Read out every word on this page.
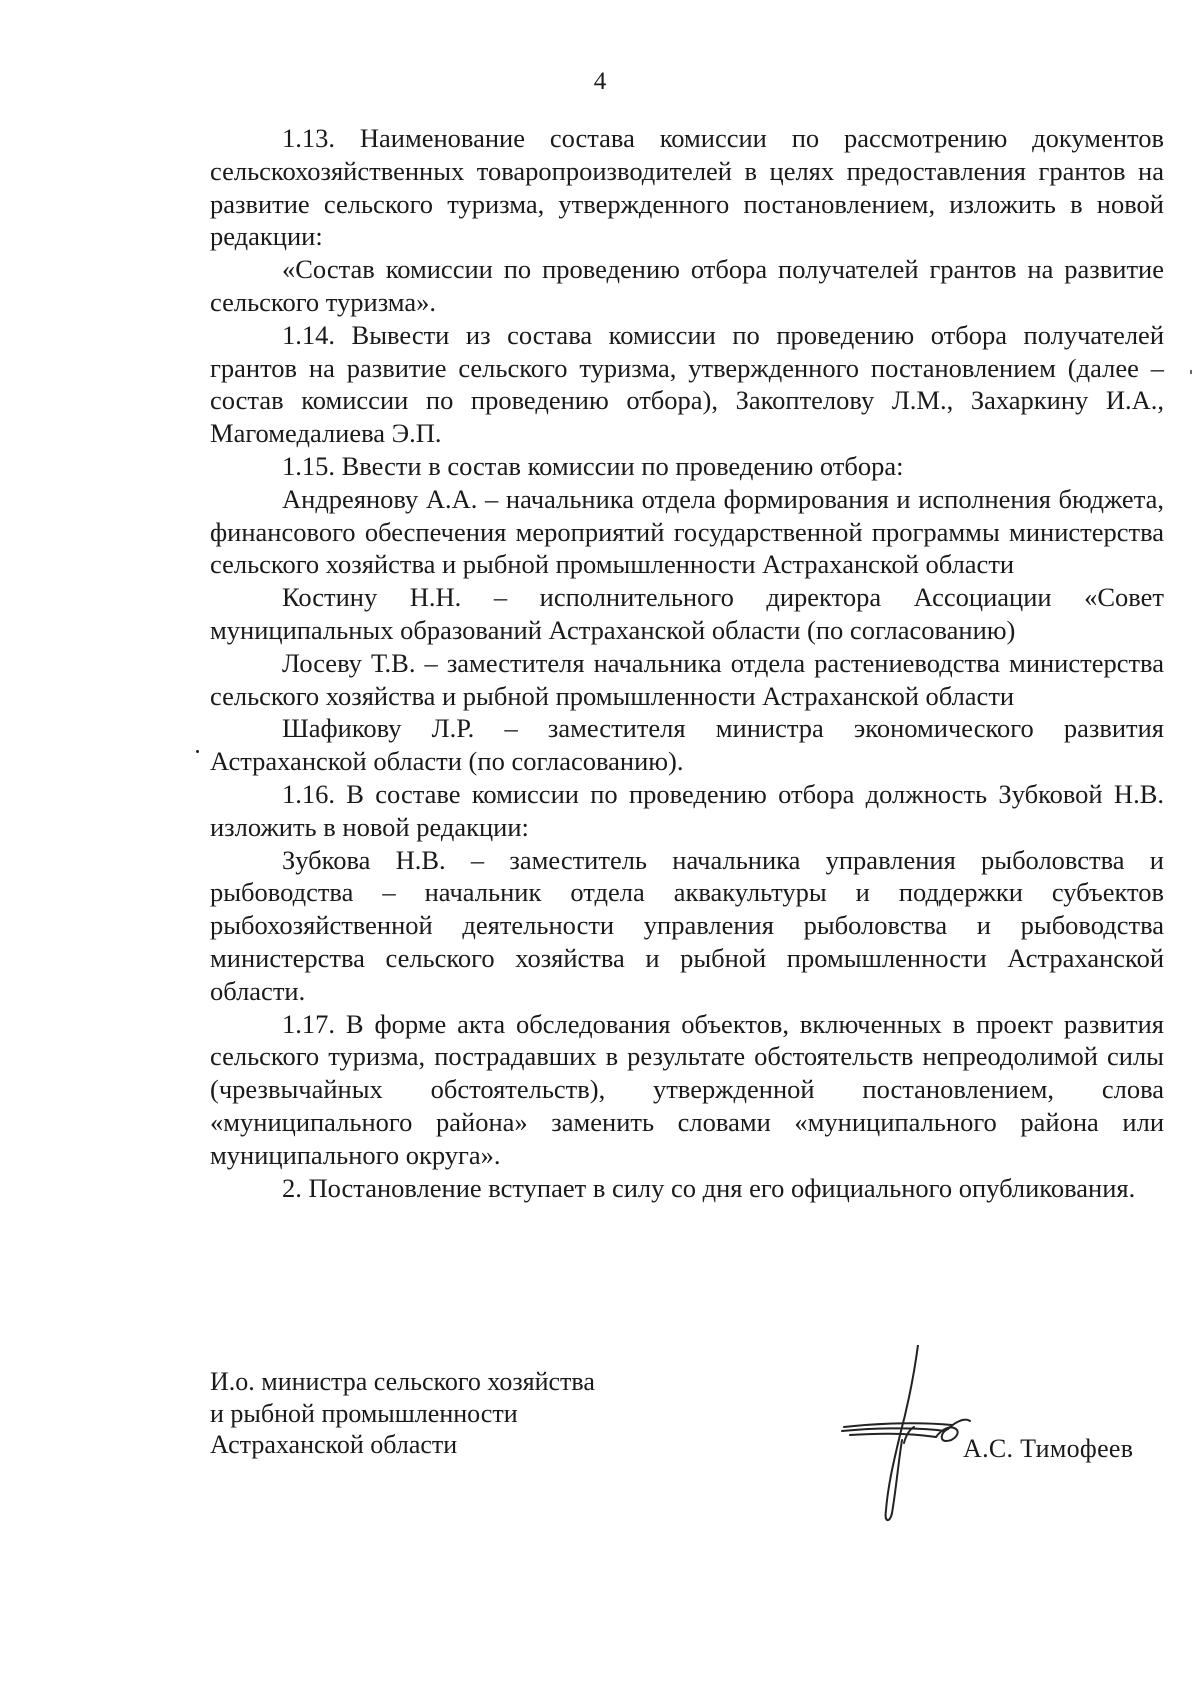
4

1.13. Наименование состава комиссии по рассмотрению документов сельскохозяйственных товаропроизводителей в целях предоставления грантов на развитие сельского туризма, утвержденного постановлением, изложить в новой редакции:

«Состав комиссии по проведению отбора получателей грантов на развитие сельского туризма».

1.14. Вывести из состава комиссии по проведению отбора получателей грантов на развитие сельского туризма, утвержденного постановлением (далее – состав комиссии по проведению отбора), Закоптелову Л.М., Захаркину И.А., Магомедалиева Э.П.

1.15. Ввести в состав комиссии по проведению отбора:

Андреянову А.А. – начальника отдела формирования и исполнения бюджета, финансового обеспечения мероприятий государственной программы министерства сельского хозяйства и рыбной промышленности Астраханской области

Костину Н.Н. – исполнительного директора Ассоциации «Совет муниципальных образований Астраханской области (по согласованию)

Лосеву Т.В. – заместителя начальника отдела растениеводства министерства сельского хозяйства и рыбной промышленности Астраханской области

Шафикову Л.Р. – заместителя министра экономического развития Астраханской области (по согласованию).

1.16. В составе комиссии по проведению отбора должность Зубковой Н.В. изложить в новой редакции:

Зубкова Н.В. – заместитель начальника управления рыболовства и рыбоводства – начальник отдела аквакультуры и поддержки субъектов рыбохозяйственной деятельности управления рыболовства и рыбоводства министерства сельского хозяйства и рыбной промышленности Астраханской области.

1.17. В форме акта обследования объектов, включенных в проект развития сельского туризма, пострадавших в результате обстоятельств непреодолимой силы (чрезвычайных обстоятельств), утвержденной постановлением, слова «муниципального района» заменить словами «муниципального района или муниципального округа».

2. Постановление вступает в силу со дня его официального опубликования.

И.о. министра сельского хозяйства
и рыбной промышленности
Астраханской области	А.С. Тимофеев
